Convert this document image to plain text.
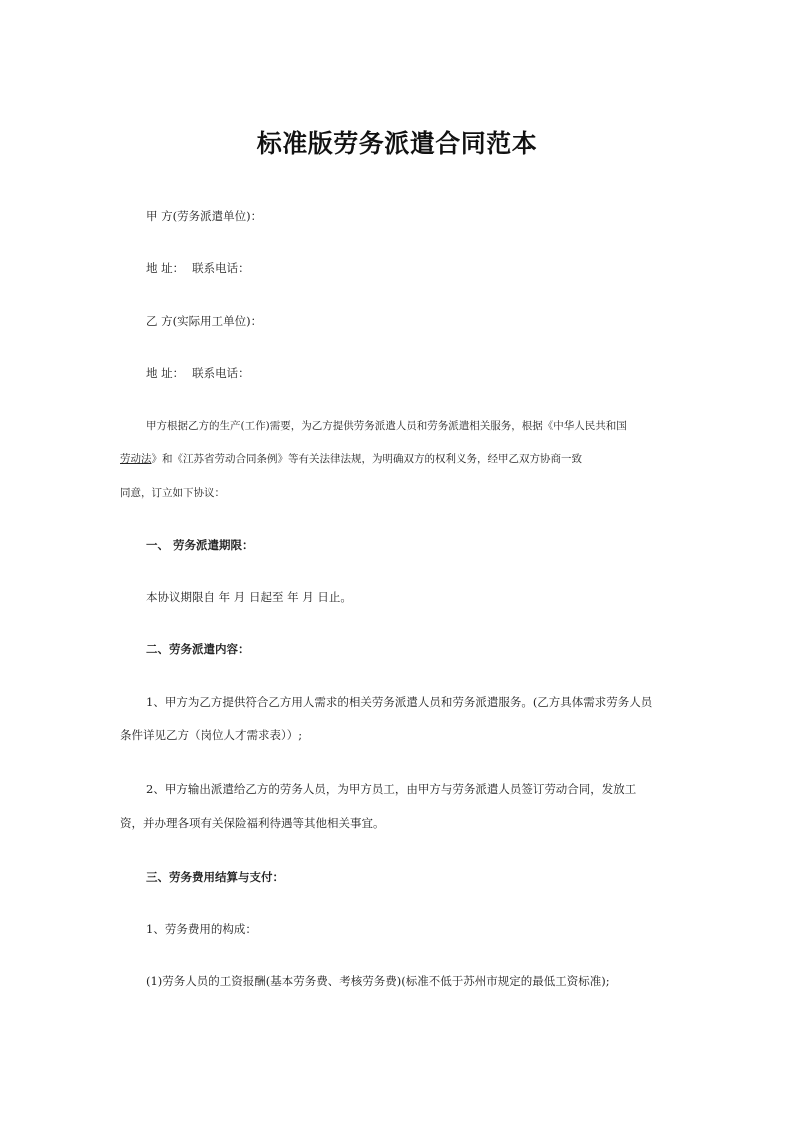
标准版劳务派遣合同范本
甲 方(劳务派遣单位)：
地 址： 联系电话：
乙 方(实际用工单位)：
地 址： 联系电话：
甲方根据乙方的生产(工作)需要，为乙方提供劳务派遣人员和劳务派遣相关服务，根据《中华人民共和国
劳动法》和《江苏省劳动合同条例》等有关法律法规，为明确双方的权利义务，经甲乙双方协商一致
同意，订立如下协议：
一、 劳务派遣期限：
本协议期限自 年 月 日起至 年 月 日止。
二、劳务派遣内容：
1、甲方为乙方提供符合乙方用人需求的相关劳务派遣人员和劳务派遣服务。(乙方具体需求劳务人员
条件详见乙方（岗位人才需求表））;
2、甲方输出派遣给乙方的劳务人员，为甲方员工，由甲方与劳务派遣人员签订劳动合同，发放工
资，并办理各项有关保险福利待遇等其他相关事宜。
三、劳务费用结算与支付：
1、劳务费用的构成：
(1)劳务人员的工资报酬(基本劳务费、考核劳务费)(标准不低于苏州市规定的最低工资标准);
